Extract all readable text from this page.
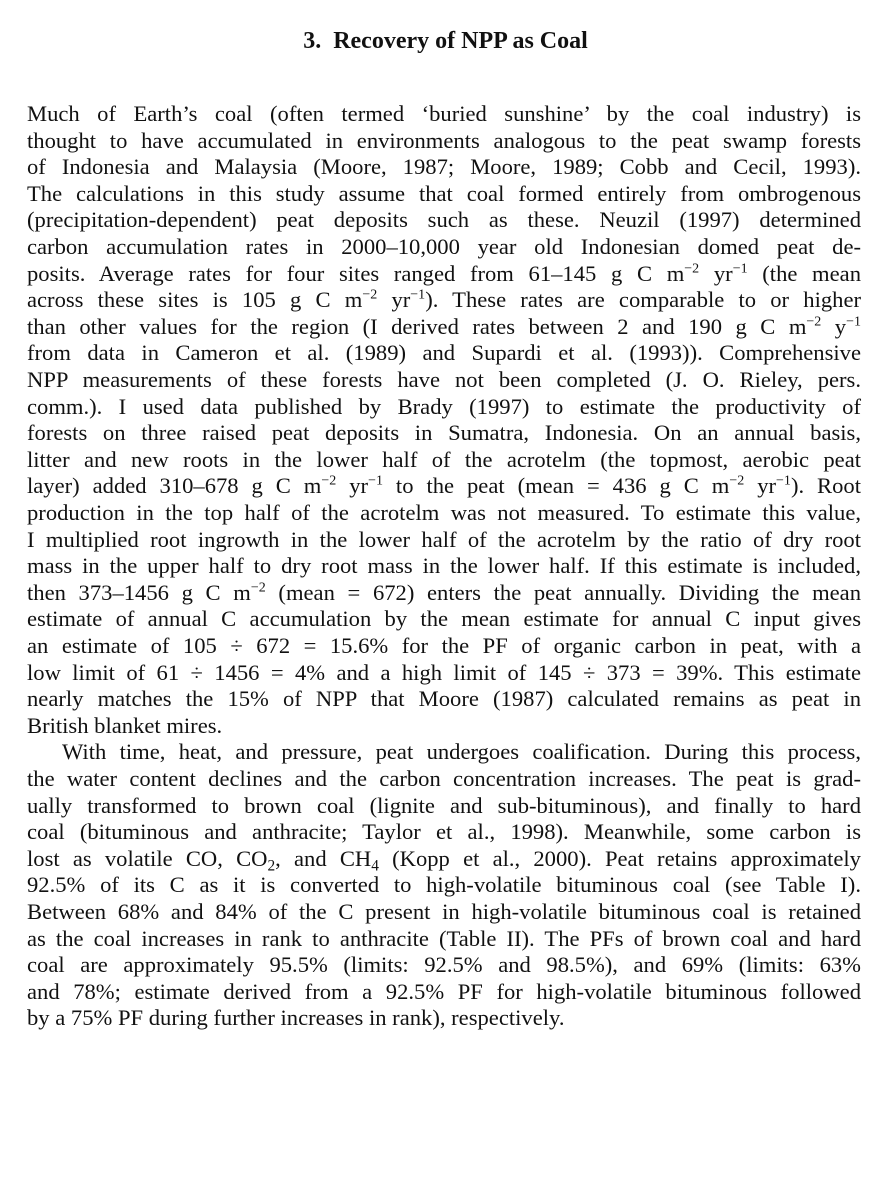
3. Recovery of NPP as Coal
Much of Earth’s coal (often termed ‘buried sunshine’ by the coal industry) is
thought to have accumulated in environments analogous to the peat swamp forests
of Indonesia and Malaysia (Moore, 1987; Moore, 1989; Cobb and Cecil, 1993).
The calculations in this study assume that coal formed entirely from ombrogenous
(precipitation-dependent) peat deposits such as these. Neuzil (1997) determined
carbon accumulation rates in 2000–10,000 year old Indonesian domed peat de-
posits. Average rates for four sites ranged from 61–145 g C $m^{-2}$ $yr^{-1}$ (the mean
across these sites is 105 g C $m^{-2}$ $yr^{-1}$). These rates are comparable to or higher
than other values for the region (I derived rates between 2 and 190 g C $m^{-2}$ $y^{-1}$
from data in Cameron et al. (1989) and Supardi et al. (1993)). Comprehensive
NPP measurements of these forests have not been completed (J. O. Rieley, pers.
comm.). I used data published by Brady (1997) to estimate the productivity of
forests on three raised peat deposits in Sumatra, Indonesia. On an annual basis,
litter and new roots in the lower half of the acrotelm (the topmost, aerobic peat
layer) added 310–678 g C $m^{-2}$ $yr^{-1}$ to the peat (mean = 436 g C $m^{-2}$ $yr^{-1}$). Root
production in the top half of the acrotelm was not measured. To estimate this value,
I multiplied root ingrowth in the lower half of the acrotelm by the ratio of dry root
mass in the upper half to dry root mass in the lower half. If this estimate is included,
then 373–1456 g C $m^{-2}$ (mean = 672) enters the peat annually. Dividing the mean
estimate of annual C accumulation by the mean estimate for annual C input gives
an estimate of 105 ÷ 672 = 15.6% for the PF of organic carbon in peat, with a
low limit of 61 ÷ 1456 = 4% and a high limit of 145 ÷ 373 = 39%. This estimate
nearly matches the 15% of NPP that Moore (1987) calculated remains as peat in
British blanket mires.
With time, heat, and pressure, peat undergoes coalification. During this process,
the water content declines and the carbon concentration increases. The peat is grad-
ually transformed to brown coal (lignite and sub-bituminous), and finally to hard
coal (bituminous and anthracite; Taylor et al., 1998). Meanwhile, some carbon is
lost as volatile CO, $CO_2$, and $CH_4$ (Kopp et al., 2000). Peat retains approximately
92.5% of its C as it is converted to high-volatile bituminous coal (see Table I).
Between 68% and 84% of the C present in high-volatile bituminous coal is retained
as the coal increases in rank to anthracite (Table II). The PFs of brown coal and hard
coal are approximately 95.5% (limits: 92.5% and 98.5%), and 69% (limits: 63%
and 78%; estimate derived from a 92.5% PF for high-volatile bituminous followed
by a 75% PF during further increases in rank), respectively.
